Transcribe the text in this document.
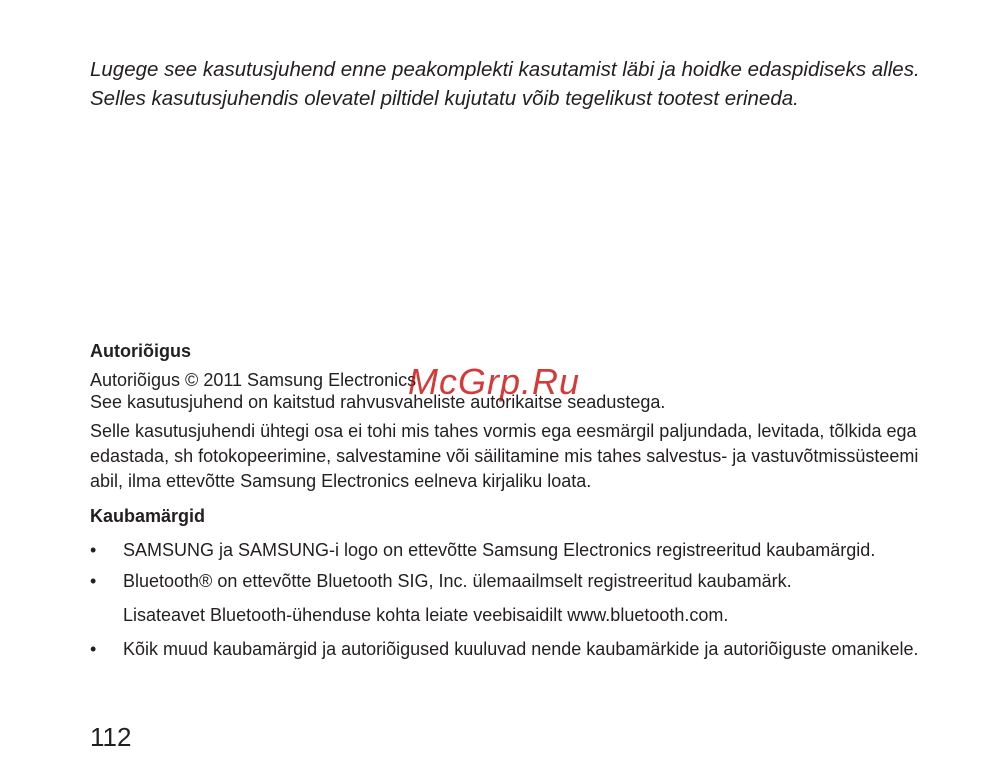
Lugege see kasutusjuhend enne peakomplekti kasutamist läbi ja hoidke edaspidiseks alles.

Selles kasutusjuhendis olevatel piltidel kujutatu võib tegelikust tootest erineda.

Autoriõigus

Autoriõigus © 2011 Samsung Electronics

See kasutusjuhend on kaitstud rahvusvaheliste autorikaitse seadustega.

Selle kasutusjuhendi ühtegi osa ei tohi mis tahes vormis ega eesmärgil paljundada, levitada, tõlkida ega edastada, sh fotokopeerimine, salvestamine või säilitamine mis tahes salvestus- ja vastuvõtmissüsteemi abil, ilma ettevõtte Samsung Electronics eelneva kirjaliku loata.

Kaubamärgid

• SAMSUNG ja SAMSUNG-i logo on ettevõtte Samsung Electronics registreeritud kaubamärgid.
• Bluetooth® on ettevõtte Bluetooth SIG, Inc. ülemaailmselt registreeritud kaubamärk.

Lisateavet Bluetooth-ühenduse kohta leiate veebisaidilt www.bluetooth.com.

• Kõik muud kaubamärgid ja autoriõigused kuuluvad nende kaubamärkide ja autoriõiguste omanikele.
McGrp.Ru
112
